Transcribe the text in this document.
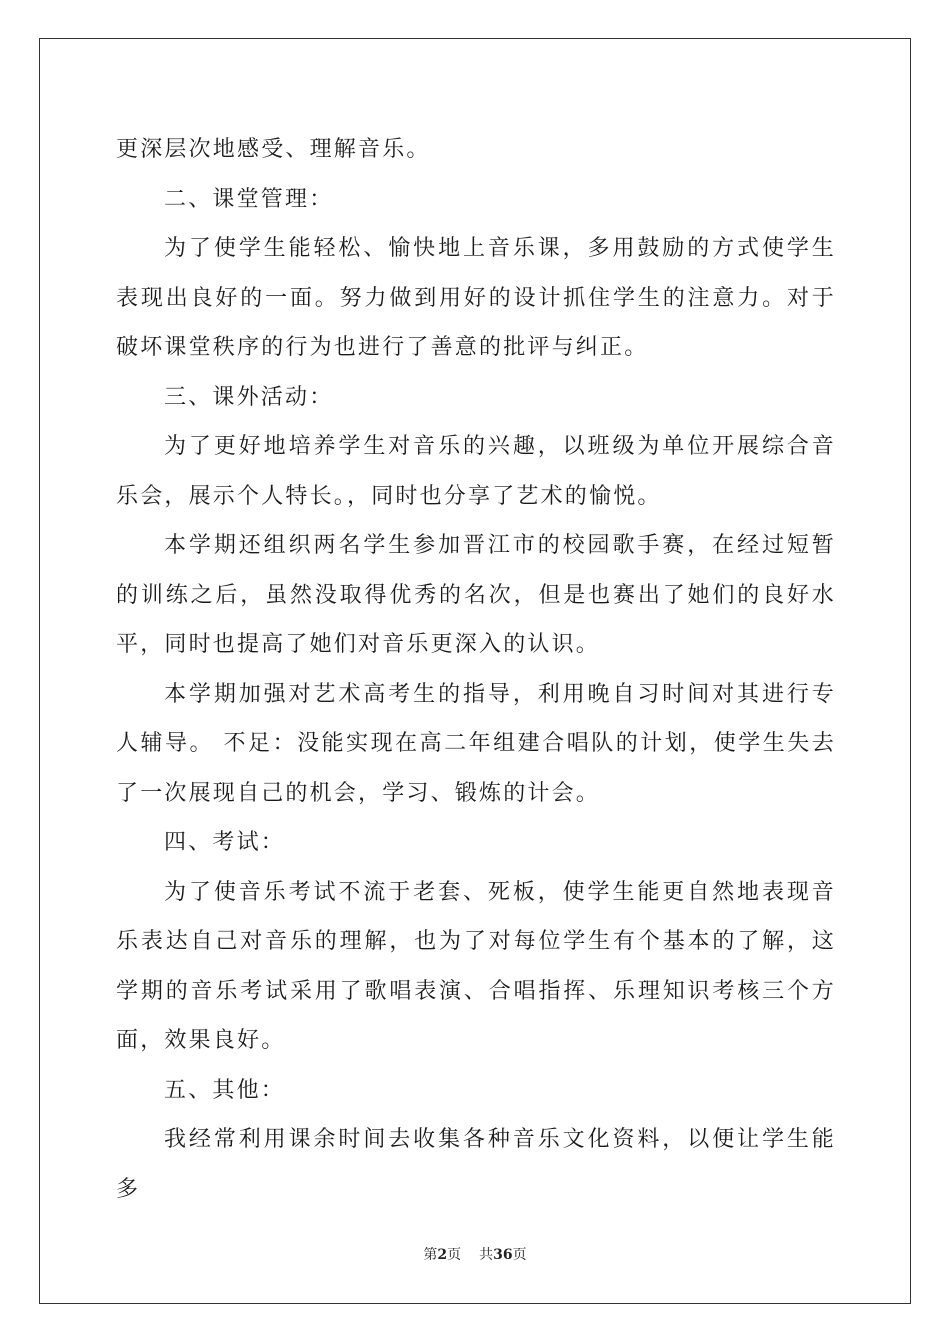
更深层次地感受、理解音乐。

二、课堂管理：

为了使学生能轻松、愉快地上音乐课，多用鼓励的方式使学生表现出良好的一面。努力做到用好的设计抓住学生的注意力。对于破坏课堂秩序的行为也进行了善意的批评与纠正。

三、课外活动：

为了更好地培养学生对音乐的兴趣，以班级为单位开展综合音乐会，展示个人特长。，同时也分享了艺术的愉悦。

本学期还组织两名学生参加晋江市的校园歌手赛，在经过短暂的训练之后，虽然没取得优秀的名次，但是也赛出了她们的良好水平，同时也提高了她们对音乐更深入的认识。

本学期加强对艺术高考生的指导，利用晚自习时间对其进行专人辅导。 不足：没能实现在高二年组建合唱队的计划，使学生失去了一次展现自己的机会，学习、锻炼的计会。

四、考试：

为了使音乐考试不流于老套、死板，使学生能更自然地表现音乐表达自己对音乐的理解，也为了对每位学生有个基本的了解，这学期的音乐考试采用了歌唱表演、合唱指挥、乐理知识考核三个方面，效果良好。

五、其他：

我经常利用课余时间去收集各种音乐文化资料，以便让学生能多

第2页 共36页
